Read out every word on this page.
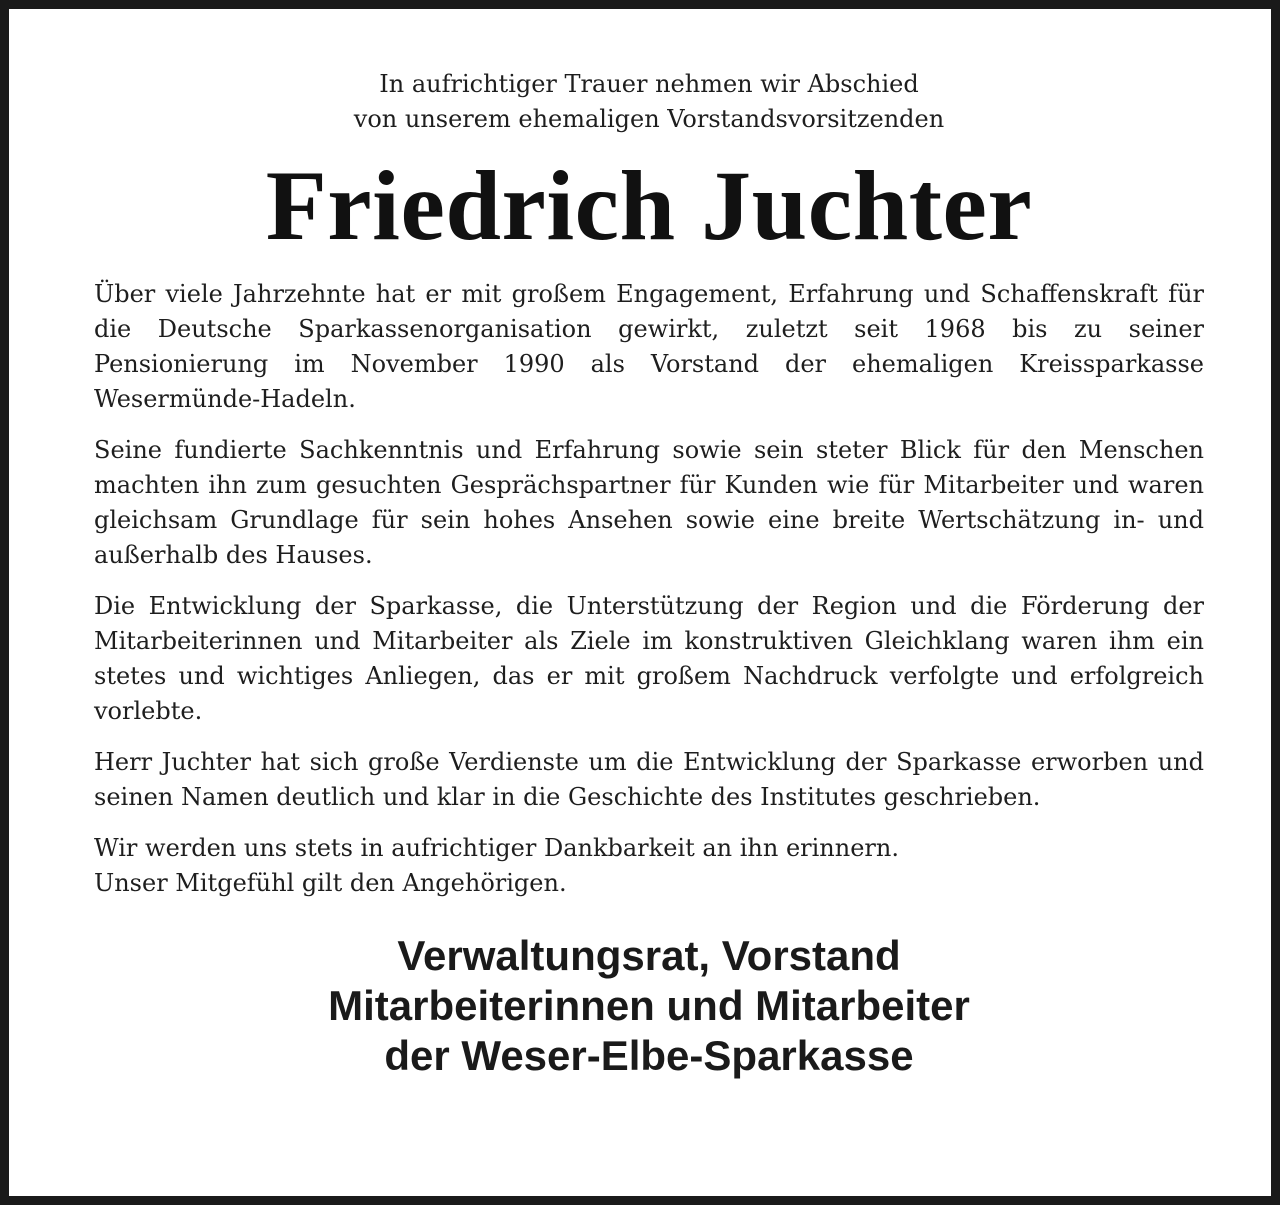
In aufrichtiger Trauer nehmen wir Abschied
von unserem ehemaligen Vorstandsvorsitzenden

Friedrich Juchter

Über viele Jahrzehnte hat er mit großem Engagement, Erfahrung und Schaffenskraft für die Deutsche Sparkassenorganisation gewirkt, zuletzt seit 1968 bis zu seiner Pensionierung im November 1990 als Vorstand der ehemaligen Kreissparkasse Wesermünde-Hadeln.

Seine fundierte Sachkenntnis und Erfahrung sowie sein steter Blick für den Menschen machten ihn zum gesuchten Gesprächspartner für Kunden wie für Mitarbeiter und waren gleichsam Grundlage für sein hohes Ansehen sowie eine breite Wertschätzung in- und außerhalb des Hauses.

Die Entwicklung der Sparkasse, die Unterstützung der Region und die Förderung der Mitarbeiterinnen und Mitarbeiter als Ziele im konstruktiven Gleichklang waren ihm ein stetes und wichtiges Anliegen, das er mit großem Nachdruck verfolgte und erfolgreich vorlebte.

Herr Juchter hat sich große Verdienste um die Entwicklung der Sparkasse erworben und seinen Namen deutlich und klar in die Geschichte des Institutes geschrieben.

Wir werden uns stets in aufrichtiger Dankbarkeit an ihn erinnern.
Unser Mitgefühl gilt den Angehörigen.

Verwaltungsrat, Vorstand
Mitarbeiterinnen und Mitarbeiter
der Weser-Elbe-Sparkasse
